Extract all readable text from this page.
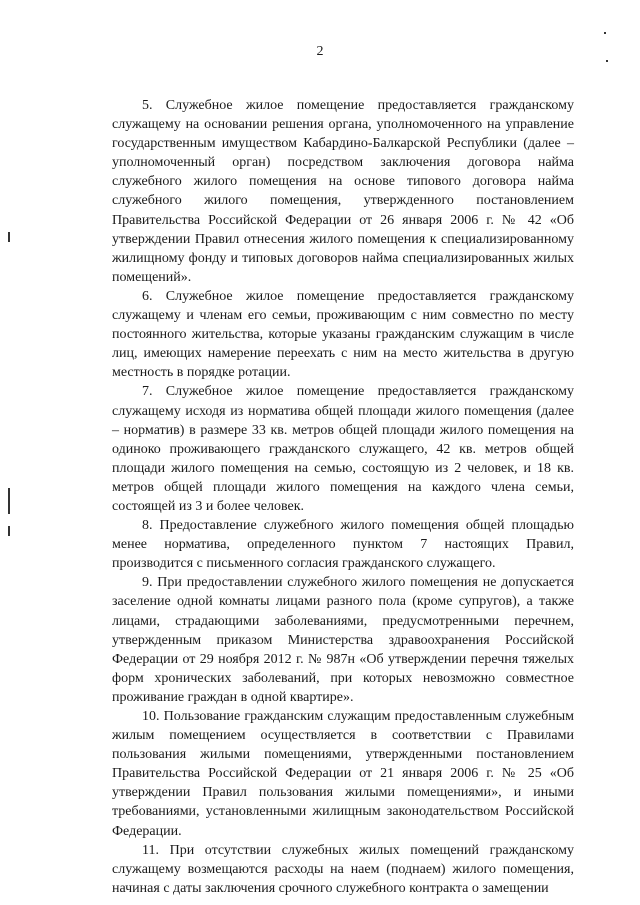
2

5. Служебное жилое помещение предоставляется гражданскому служащему на основании решения органа, уполномоченного на управление государственным имуществом Кабардино-Балкарской Республики (далее – уполномоченный орган) посредством заключения договора найма служебного жилого помещения на основе типового договора найма служебного жилого помещения, утвержденного постановлением Правительства Российской Федерации от 26 января 2006 г. № 42 «Об утверждении Правил отнесения жилого помещения к специализированному жилищному фонду и типовых договоров найма специализированных жилых помещений».

6. Служебное жилое помещение предоставляется гражданскому служащему и членам его семьи, проживающим с ним совместно по месту постоянного жительства, которые указаны гражданским служащим в числе лиц, имеющих намерение переехать с ним на место жительства в другую местность в порядке ротации.

7. Служебное жилое помещение предоставляется гражданскому служащему исходя из норматива общей площади жилого помещения (далее – норматив) в размере 33 кв. метров общей площади жилого помещения на одиноко проживающего гражданского служащего, 42 кв. метров общей площади жилого помещения на семью, состоящую из 2 человек, и 18 кв. метров общей площади жилого помещения на каждого члена семьи, состоящей из 3 и более человек.

8. Предоставление служебного жилого помещения общей площадью менее норматива, определенного пунктом 7 настоящих Правил, производится с письменного согласия гражданского служащего.

9. При предоставлении служебного жилого помещения не допускается заселение одной комнаты лицами разного пола (кроме супругов), а также лицами, страдающими заболеваниями, предусмотренными перечнем, утвержденным приказом Министерства здравоохранения Российской Федерации от 29 ноября 2012 г. № 987н «Об утверждении перечня тяжелых форм хронических заболеваний, при которых невозможно совместное проживание граждан в одной квартире».

10. Пользование гражданским служащим предоставленным служебным жилым помещением осуществляется в соответствии с Правилами пользования жилыми помещениями, утвержденными постановлением Правительства Российской Федерации от 21 января 2006 г. № 25 «Об утверждении Правил пользования жилыми помещениями», и иными требованиями, установленными жилищным законодательством Российской Федерации.

11. При отсутствии служебных жилых помещений гражданскому служащему возмещаются расходы на наем (поднаем) жилого помещения, начиная с даты заключения срочного служебного контракта о замещении
